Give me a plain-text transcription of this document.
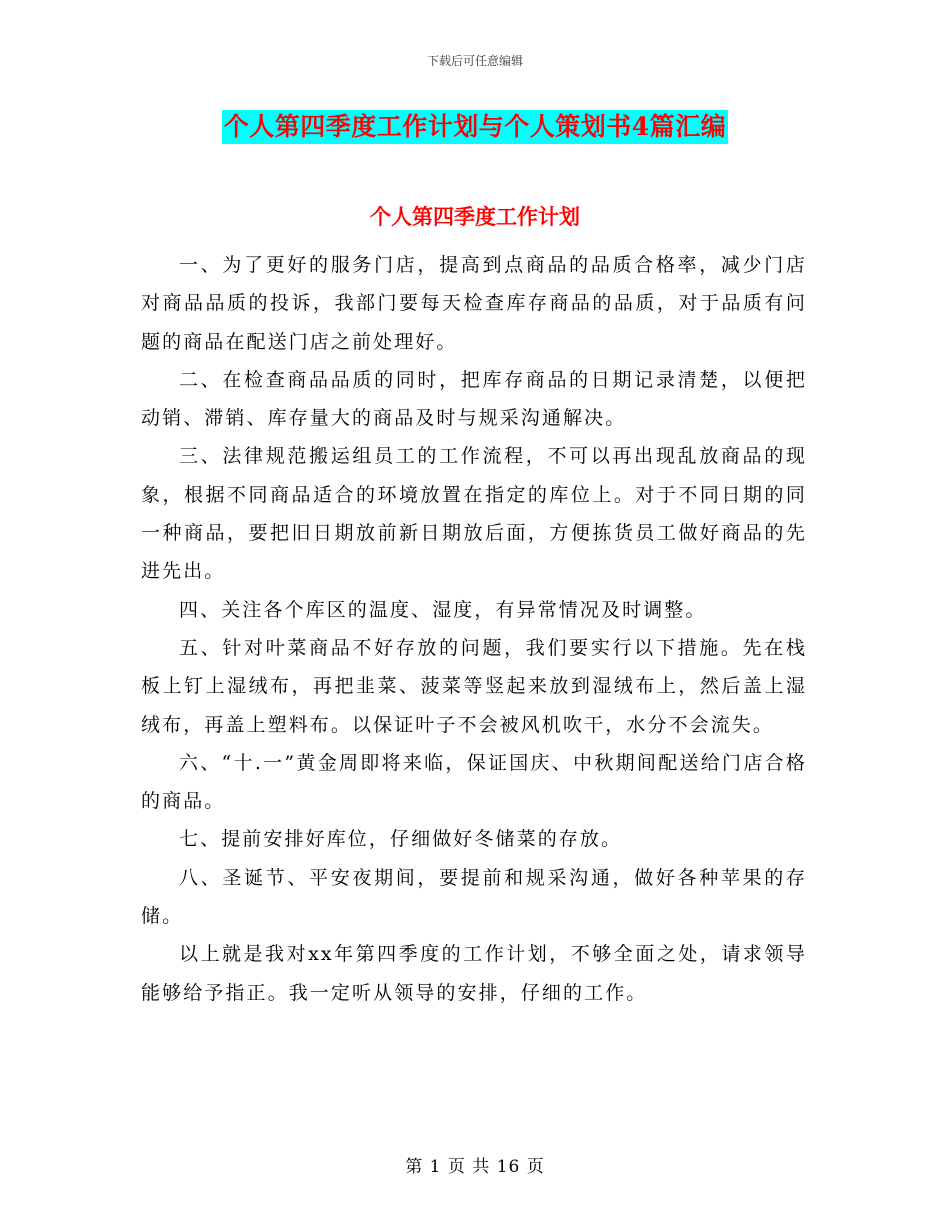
下载后可任意编辑
个人第四季度工作计划与个人策划书4篇汇编
个人第四季度工作计划

一、为了更好的服务门店，提高到点商品的品质合格率，减少门店对商品品质的投诉，我部门要每天检查库存商品的品质，对于品质有问题的商品在配送门店之前处理好。

二、在检查商品品质的同时，把库存商品的日期记录清楚，以便把动销、滞销、库存量大的商品及时与规采沟通解决。

三、法律规范搬运组员工的工作流程，不可以再出现乱放商品的现象，根据不同商品适合的环境放置在指定的库位上。对于不同日期的同一种商品，要把旧日期放前新日期放后面，方便拣货员工做好商品的先进先出。

四、关注各个库区的温度、湿度，有异常情况及时调整。

五、针对叶菜商品不好存放的问题，我们要实行以下措施。先在栈板上钉上湿绒布，再把韭菜、菠菜等竖起来放到湿绒布上，然后盖上湿绒布，再盖上塑料布。以保证叶子不会被风机吹干，水分不会流失。

六、“十.一”黄金周即将来临，保证国庆、中秋期间配送给门店合格的商品。

七、提前安排好库位，仔细做好冬储菜的存放。

八、圣诞节、平安夜期间，要提前和规采沟通，做好各种苹果的存储。

以上就是我对xx年第四季度的工作计划，不够全面之处，请求领导能够给予指正。我一定听从领导的安排，仔细的工作。

第 1 页 共 16 页
